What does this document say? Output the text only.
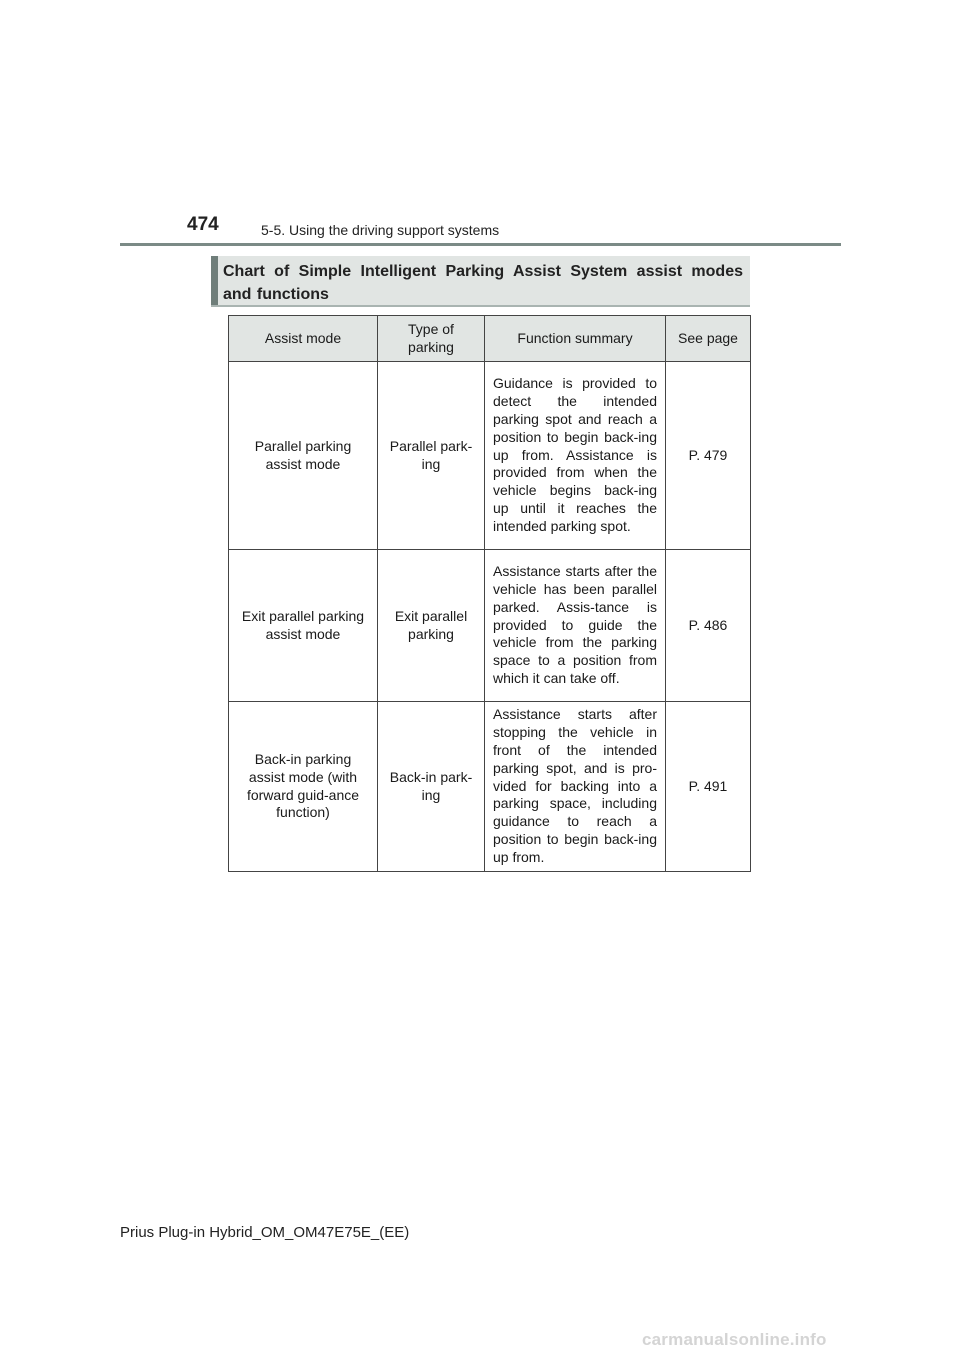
474	5-5. Using the driving support systems
Chart of Simple Intelligent Parking Assist System assist modes and functions
Assist mode	Type of parking	Function summary	See page
Parallel parking assist mode	Parallel park-ing	Guidance is provided to detect the intended parking spot and reach a position to begin back-ing up from. Assistance is provided from when the vehicle begins back-ing up until it reaches the intended parking spot.	P. 479
Exit parallel parking assist mode	Exit parallel parking	Assistance starts after the vehicle has been parallel parked. Assis-tance is provided to guide the vehicle from the parking space to a position from which it can take off.	P. 486
Back-in parking assist mode (with forward guid-ance function)	Back-in park-ing	Assistance starts after stopping the vehicle in front of the intended parking spot, and is pro-vided for backing into a parking space, including guidance to reach a position to begin back-ing up from.	P. 491
Prius Plug-in Hybrid_OM_OM47E75E_(EE)
carmanualsonline.info
